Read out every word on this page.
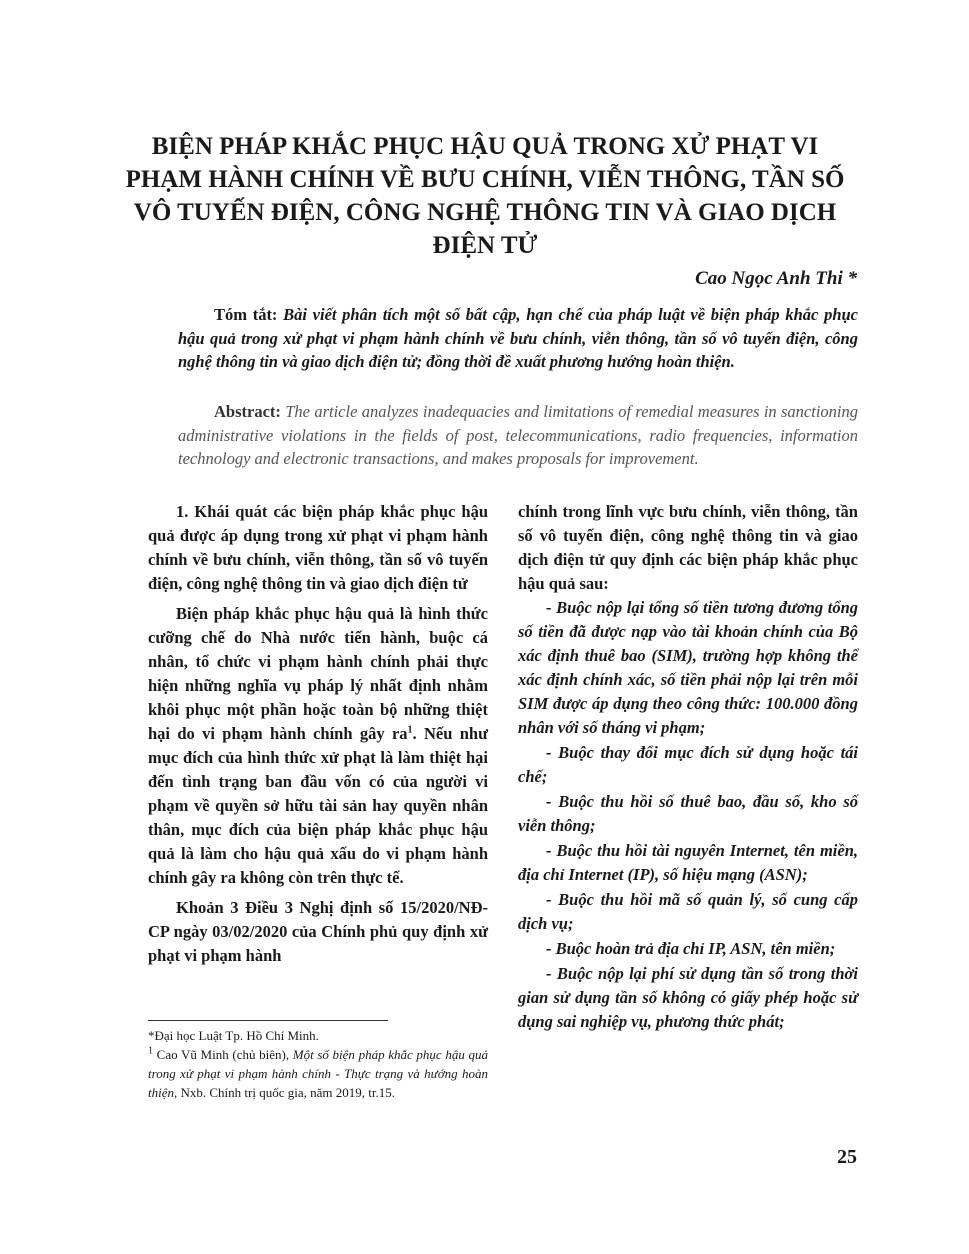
BIỆN PHÁP KHẮC PHỤC HẬU QUẢ TRONG XỬ PHẠT VI PHẠM HÀNH CHÍNH VỀ BƯU CHÍNH, VIỄN THÔNG, TẦN SỐ VÔ TUYẾN ĐIỆN, CÔNG NGHỆ THÔNG TIN VÀ GIAO DỊCH ĐIỆN TỬ
Cao Ngọc Anh Thi *
Tóm tắt: Bài viết phân tích một số bất cập, hạn chế của pháp luật về biện pháp khắc phục hậu quả trong xử phạt vi phạm hành chính về bưu chính, viễn thông, tần số vô tuyến điện, công nghệ thông tin và giao dịch điện tử; đồng thời đề xuất phương hướng hoàn thiện.
Abstract: The article analyzes inadequacies and limitations of remedial measures in sanctioning administrative violations in the fields of post, telecommunications, radio frequencies, information technology and electronic transactions, and makes proposals for improvement.

1. Khái quát các biện pháp khắc phục hậu quả được áp dụng trong xử phạt vi phạm hành chính về bưu chính, viễn thông, tần số vô tuyến điện, công nghệ thông tin và giao dịch điện tử

Biện pháp khắc phục hậu quả là hình thức cưỡng chế do Nhà nước tiến hành, buộc cá nhân, tổ chức vi phạm hành chính phải thực hiện những nghĩa vụ pháp lý nhất định nhằm khôi phục một phần hoặc toàn bộ những thiệt hại do vi phạm hành chính gây $ra^1$. Nếu như mục đích của hình thức xử phạt là làm thiệt hại đến tình trạng ban đầu vốn có của người vi phạm về quyền sở hữu tài sản hay quyền nhân thân, mục đích của biện pháp khắc phục hậu quả là làm cho hậu quả xấu do vi phạm hành chính gây ra không còn trên thực tế.

Khoản 3 Điều 3 Nghị định số 15/2020/NĐ-CP ngày 03/02/2020 của Chính phủ quy định xử phạt vi phạm hành

chính trong lĩnh vực bưu chính, viễn thông, tần số vô tuyến điện, công nghệ thông tin và giao dịch điện tử quy định các biện pháp khắc phục hậu quả sau:

- Buộc nộp lại tổng số tiền tương đương tổng số tiền đã được nạp vào tài khoản chính của Bộ xác định thuê bao (SIM), trường hợp không thể xác định chính xác, số tiền phải nộp lại trên mỗi SIM được áp dụng theo công thức: 100.000 đồng nhân với số tháng vi phạm;

- Buộc thay đổi mục đích sử dụng hoặc tái chế;

- Buộc thu hồi số thuê bao, đầu số, kho số viễn thông;

- Buộc thu hồi tài nguyên Internet, tên miền, địa chỉ Internet (IP), số hiệu mạng (ASN);

- Buộc thu hồi mã số quản lý, số cung cấp dịch vụ;

- Buộc hoàn trả địa chỉ IP, ASN, tên miền;

- Buộc nộp lại phí sử dụng tần số trong thời gian sử dụng tần số không có giấy phép hoặc sử dụng sai nghiệp vụ, phương thức phát;

*Đại học Luật Tp. Hồ Chí Minh.

$^1$ Cao Vũ Minh (chủ biên), Một số biện pháp khắc phục hậu quả trong xử phạt vi phạm hành chính - Thực trạng và hướng hoàn thiện, Nxb. Chính trị quốc gia, năm 2019, tr.15.

25
